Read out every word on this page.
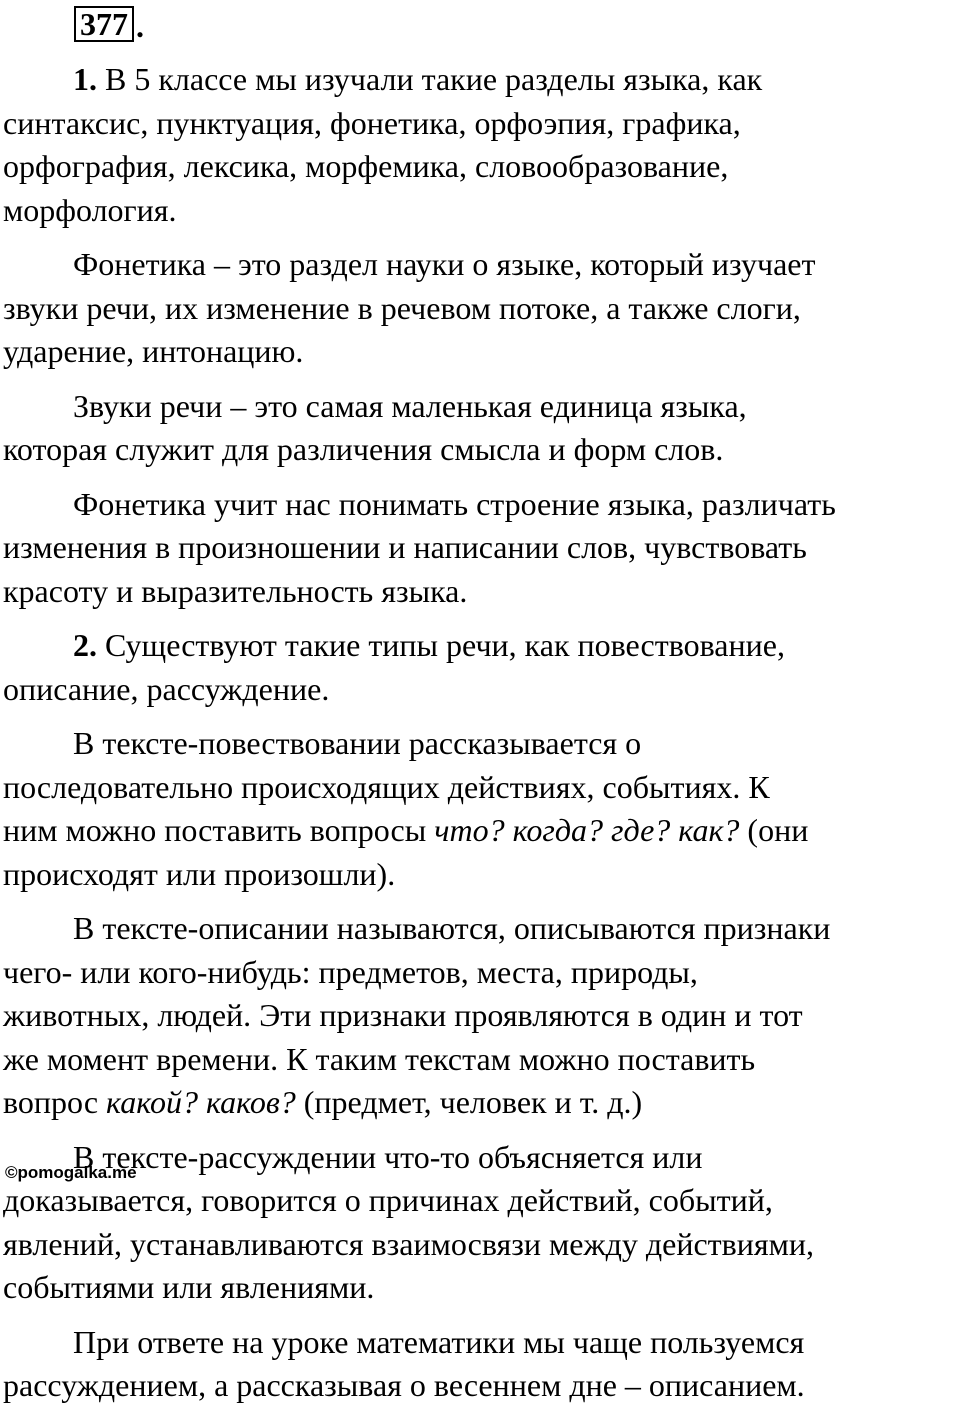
377 .

1. В 5 классе мы изучали такие разделы языка, как
синтаксис, пунктуация, фонетика, орфоэпия, графика,
орфография, лексика, морфемика, словообразование,
морфология.

Фонетика – это раздел науки о языке, который изучает
звуки речи, их изменение в речевом потоке, а также слоги,
ударение, интонацию.

Звуки речи – это самая маленькая единица языка,
которая служит для различения смысла и форм слов.

Фонетика учит нас понимать строение языка, различать
изменения в произношении и написании слов, чувствовать
красоту и выразительность языка.

2. Существуют такие типы речи, как повествование,
описание, рассуждение.

В тексте-повествовании рассказывается о
последовательно происходящих действиях, событиях. К
ним можно поставить вопросы что? когда? где? как? (они
происходят или произошли).

В тексте-описании называются, описываются признаки
чего- или кого-нибудь: предметов, места, природы,
животных, людей. Эти признаки проявляются в один и тот
же момент времени. К таким текстам можно поставить
вопрос какой? каков? (предмет, человек и т. д.)

В тексте-рассуждении что-то объясняется или
доказывается, говорится о причинах действий, событий,
явлений, устанавливаются взаимосвязи между действиями,
событиями или явлениями.

При ответе на уроке математики мы чаще пользуемся
рассуждением, а рассказывая о весеннем дне – описанием.

©pomogalka.me
